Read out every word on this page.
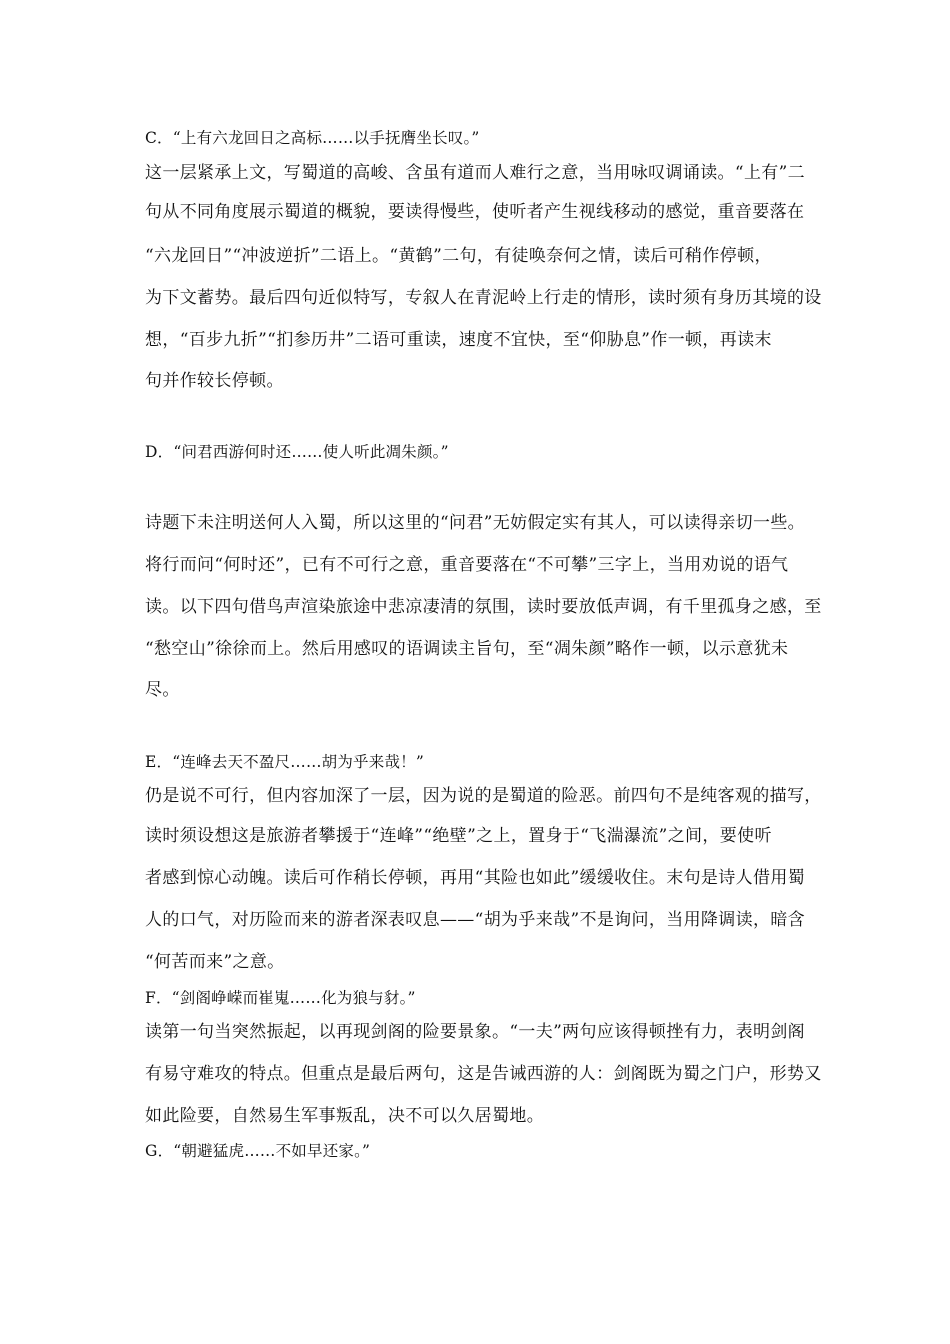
C．“上有六龙回日之高标……以手抚膺坐长叹。”
这一层紧承上文，写蜀道的高峻、含虽有道而人难行之意，当用咏叹调诵读。“上有”二
句从不同角度展示蜀道的概貌，要读得慢些，使听者产生视线移动的感觉，重音要落在
“六龙回日”“冲波逆折”二语上。“黄鹤”二句，有徒唤奈何之情，读后可稍作停顿，
为下文蓄势。最后四句近似特写，专叙人在青泥岭上行走的情形，读时须有身历其境的设
想，“百步九折”“扪参历井”二语可重读，速度不宜快，至“仰胁息”作一顿，再读末
句并作较长停顿。
D．“问君西游何时还……使人听此凋朱颜。”
诗题下未注明送何人入蜀，所以这里的“问君”无妨假定实有其人，可以读得亲切一些。
将行而问“何时还”，已有不可行之意，重音要落在“不可攀”三字上，当用劝说的语气
读。以下四句借鸟声渲染旅途中悲凉凄清的氛围，读时要放低声调，有千里孤身之感，至
“愁空山”徐徐而上。然后用感叹的语调读主旨句，至“凋朱颜”略作一顿，以示意犹未
尽。
E．“连峰去天不盈尺……胡为乎来哉！”
仍是说不可行，但内容加深了一层，因为说的是蜀道的险恶。前四句不是纯客观的描写，
读时须设想这是旅游者攀援于“连峰”“绝壁”之上，置身于“飞湍瀑流”之间，要使听
者感到惊心动魄。读后可作稍长停顿，再用“其险也如此”缓缓收住。末句是诗人借用蜀
人的口气，对历险而来的游者深表叹息——“胡为乎来哉”不是询问，当用降调读，暗含
“何苦而来”之意。
F．“剑阁峥嵘而崔嵬……化为狼与豺。”
读第一句当突然振起，以再现剑阁的险要景象。“一夫”两句应该得顿挫有力，表明剑阁
有易守难攻的特点。但重点是最后两句，这是告诫西游的人：剑阁既为蜀之门户，形势又
如此险要，自然易生军事叛乱，决不可以久居蜀地。
G．“朝避猛虎……不如早还家。”
